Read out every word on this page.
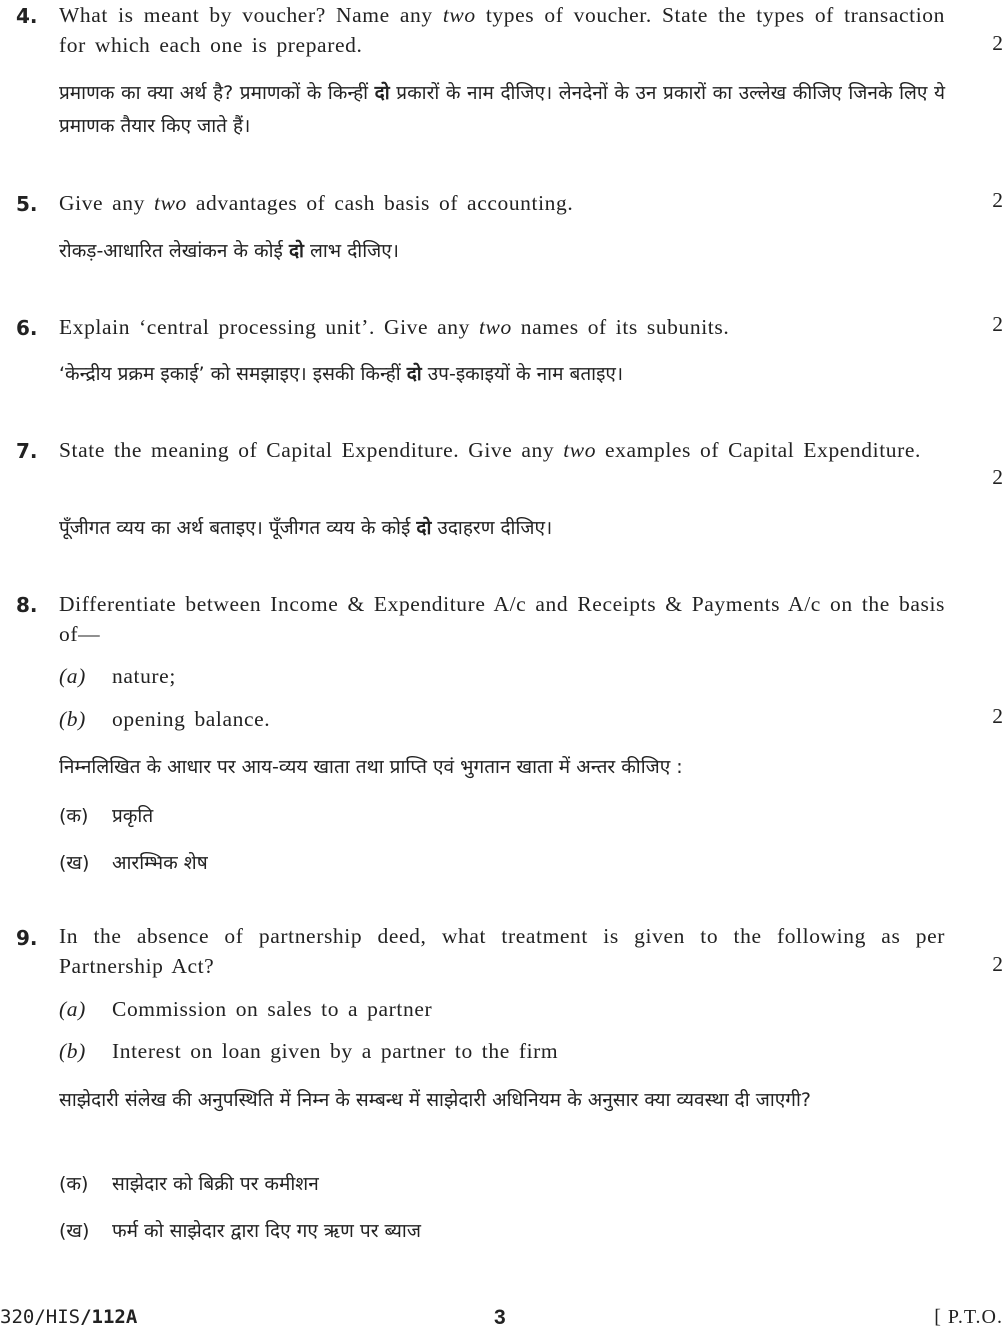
4. What is meant by voucher? Name any two types of voucher. State the types of transaction for which each one is prepared.	2
प्रमाणक का क्या अर्थ है? प्रमाणकों के किन्हीं दो प्रकारों के नाम दीजिए। लेनदेनों के उन प्रकारों का उल्लेख कीजिए जिनके लिए ये प्रमाणक तैयार किए जाते हैं।
5. Give any two advantages of cash basis of accounting.	2
रोकड़-आधारित लेखांकन के कोई दो लाभ दीजिए।
6. Explain ‘central processing unit’. Give any two names of its subunits.	2
‘केन्द्रीय प्रक्रम इकाई’ को समझाइए। इसकी किन्हीं दो उप-इकाइयों के नाम बताइए।
7. State the meaning of Capital Expenditure. Give any two examples of Capital Expenditure.
2
पूँजीगत व्यय का अर्थ बताइए। पूँजीगत व्यय के कोई दो उदाहरण दीजिए।
8. Differentiate between Income & Expenditure A/c and Receipts & Payments A/c on the basis of—
(a) nature;
(b) opening balance.	2
निम्नलिखित के आधार पर आय-व्यय खाता तथा प्राप्ति एवं भुगतान खाता में अन्तर कीजिए :
(क) प्रकृति
(ख) आरम्भिक शेष
9. In the absence of partnership deed, what treatment is given to the following as per Partnership Act?	2
(a) Commission on sales to a partner
(b) Interest on loan given by a partner to the firm
साझेदारी संलेख की अनुपस्थिति में निम्न के सम्बन्ध में साझेदारी अधिनियम के अनुसार क्या व्यवस्था दी जाएगी?
(क) साझेदार को बिक्री पर कमीशन
(ख) फर्म को साझेदार द्वारा दिए गए ऋण पर ब्याज
320/HIS/112A	3	[ P.T.O.
